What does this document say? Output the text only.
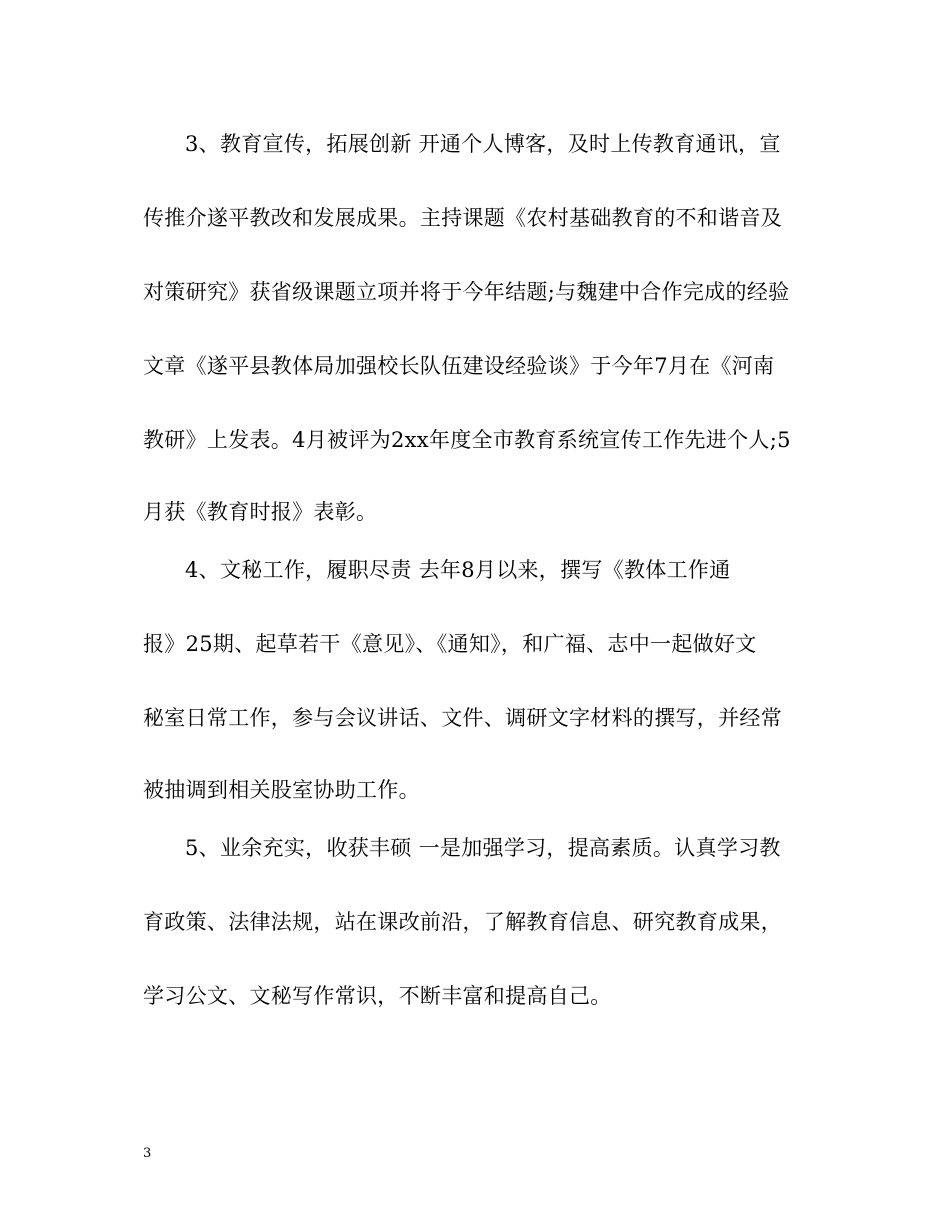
3、教育宣传，拓展创新 开通个人博客，及时上传教育通讯，宣
传推介遂平教改和发展成果。主持课题《农村基础教育的不和谐音及
对策研究》获省级课题立项并将于今年结题;与魏建中合作完成的经验
文章《遂平县教体局加强校长队伍建设经验谈》于今年7月在《河南
教研》上发表。4月被评为2xx年度全市教育系统宣传工作先进个人;5
月获《教育时报》表彰。
4、文秘工作，履职尽责 去年8月以来，撰写《教体工作通
报》25期、起草若干《意见》、《通知》，和广福、志中一起做好文
秘室日常工作，参与会议讲话、文件、调研文字材料的撰写，并经常
被抽调到相关股室协助工作。
5、业余充实，收获丰硕 一是加强学习，提高素质。认真学习教
育政策、法律法规，站在课改前沿，了解教育信息、研究教育成果，
学习公文、文秘写作常识，不断丰富和提高自己。
3
